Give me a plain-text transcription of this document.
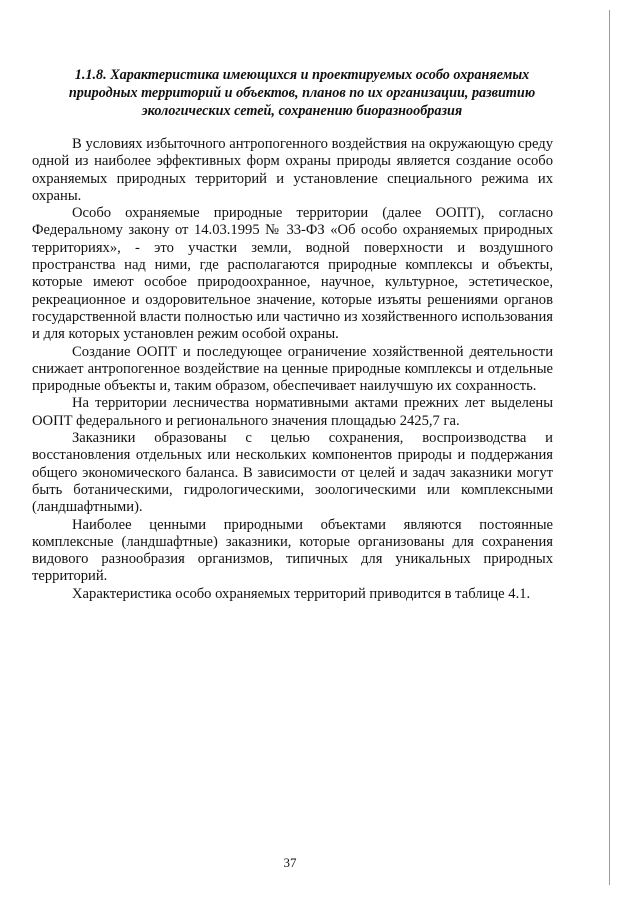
1.1.8. Характеристика имеющихся и проектируемых особо охраняемых
природных территорий и объектов, планов по их организации, развитию
экологических сетей, сохранению биоразнообразия

В условиях избыточного антропогенного воздействия на окружающую среду одной из наиболее эффективных форм охраны природы является создание особо охраняемых природных территорий и установление специального режима их охраны.

Особо охраняемые природные территории (далее ООПТ), согласно Федеральному закону от 14.03.1995 № 33-ФЗ «Об особо охраняемых природных территориях», - это участки земли, водной поверхности и воздушного пространства над ними, где располагаются природные комплексы и объекты, которые имеют особое природоохранное, научное, культурное, эстетическое, рекреационное и оздоровительное значение, которые изъяты решениями органов государственной власти полностью или частично из хозяйственного использования и для которых установлен режим особой охраны.

Создание ООПТ и последующее ограничение хозяйственной деятельности снижает антропогенное воздействие на ценные природные комплексы и отдельные природные объекты и, таким образом, обеспечивает наилучшую их сохранность.

На территории лесничества нормативными актами прежних лет выделены ООПТ федерального и регионального значения площадью 2425,7 га.

Заказники образованы с целью сохранения, воспроизводства и восстановления отдельных или нескольких компонентов природы и поддержания общего экономического баланса. В зависимости от целей и задач заказники могут быть ботаническими, гидрологическими, зоологическими или комплексными (ландшафтными).

Наиболее ценными природными объектами являются постоянные комплексные (ландшафтные) заказники, которые организованы для сохранения видового разнообразия организмов, типичных для уникальных природных территорий.

Характеристика особо охраняемых территорий приводится в таблице 4.1.

37
